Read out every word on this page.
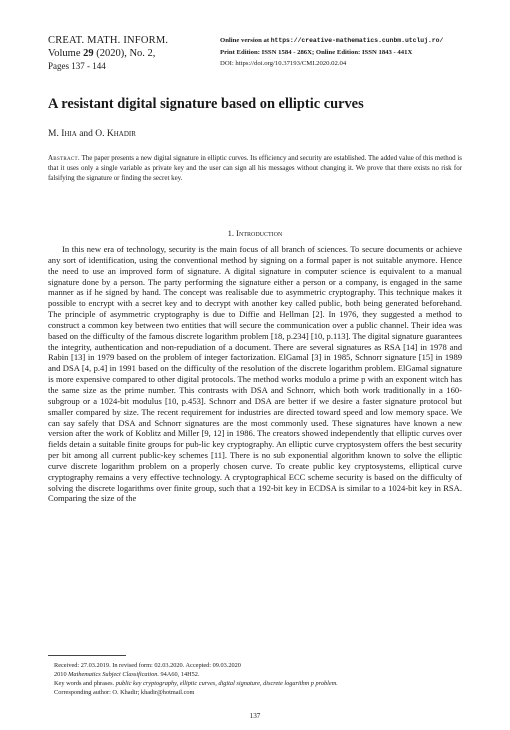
CREAT. MATH. INFORM.
Volume 29 (2020), No. 2,
Pages 137 - 144
Online version at https://creative-mathematics.cunbm.utcluj.ro/
Print Edition: ISSN 1584 - 286X; Online Edition: ISSN 1843 - 441X
DOI: https://doi.org/10.37193/CMI.2020.02.04
A resistant digital signature based on elliptic curves
M. Ihia and O. Khadir
Abstract. The paper presents a new digital signature in elliptic curves. Its efficiency and security are established. The added value of this method is that it uses only a single variable as private key and the user can sign all his messages without changing it. We prove that there exists no risk for falsifying the signature or finding the secret key.
1. Introduction

In this new era of technology, security is the main focus of all branch of sciences. To secure documents or achieve any sort of identification, using the conventional method by signing on a formal paper is not suitable anymore. Hence the need to use an improved form of signature. A digital signature in computer science is equivalent to a manual signature done by a person. The party performing the signature either a person or a company, is engaged in the same manner as if he signed by hand. The concept was realisable due to asymmetric cryptography. This technique makes it possible to encrypt with a secret key and to decrypt with another key called public, both being generated beforehand. The principle of asymmetric cryptography is due to Diffie and Hellman [2]. In 1976, they suggested a method to construct a common key between two entities that will secure the communication over a public channel. Their idea was based on the difficulty of the famous discrete logarithm problem [18, p.234] [10, p.113]. The digital signature guarantees the integrity, authentication and non-repudiation of a document. There are several signatures as RSA [14] in 1978 and Rabin [13] in 1979 based on the problem of integer factorization. ElGamal [3] in 1985, Schnorr signature [15] in 1989 and DSA [4, p.4] in 1991 based on the difficulty of the resolution of the discrete logarithm problem. ElGamal signature is more expensive compared to other digital protocols. The method works modulo a prime p with an exponent witch has the same size as the prime number. This contrasts with DSA and Schnorr, which both work traditionally in a 160-subgroup or a 1024-bit modulus [10, p.453]. Schnorr and DSA are better if we desire a faster signature protocol but smaller compared by size. The recent requirement for industries are directed toward speed and low memory space. We can say safely that DSA and Schnorr signatures are the most commonly used. These signatures have known a new version after the work of Koblitz and Miller [9, 12] in 1986. The creators showed independently that elliptic curves over fields detain a suitable finite groups for pub-lic key cryptography. An elliptic curve cryptosystem offers the best security per bit among all current public-key schemes [11]. There is no sub exponential algorithm known to solve the elliptic curve discrete logarithm problem on a properly chosen curve. To create public key cryptosystems, elliptical curve cryptography remains a very effective technology. A cryptographical ECC scheme security is based on the difficulty of solving the discrete logarithms over finite group, such that a 192-bit key in ECDSA is similar to a 1024-bit key in RSA. Comparing the size of the

Received: 27.03.2019. In revised form: 02.03.2020. Accepted: 09.03.2020
2010 Mathematics Subject Classification. 94A60, 14H52.
Key words and phrases. public key cryptography, elliptic curves, digital signature, discrete logarithm p problem.
Corresponding author: O. Khadir; khadir@hotmail.com
137
